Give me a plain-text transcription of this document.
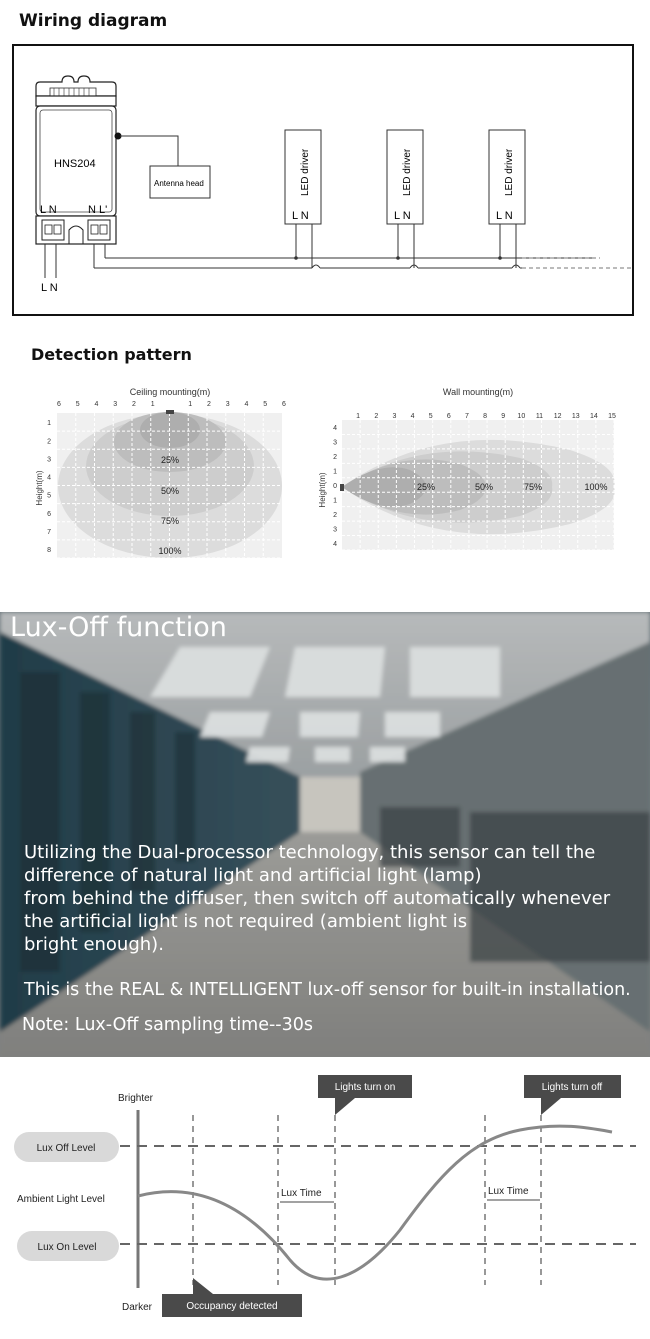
Wiring diagram
HNS204
L N	N L'
Antenna head
L N
LED driver
L N
LED driver
L N
LED driver
L N
Detection pattern
Ceiling mounting(m)
6 5 4 3 2 1	1 2 3 4 5 6
1
2
3
4
5
6
7
8
Height(m)
25%
50%
75%
100%
Wall mounting(m)
1 2 3 4 5 6 7 8 9 10 11 12 13 14 15
4
3
2
1
0
1
2
3
4
Height(m)	25%	50%	75%	100%
Lux-Off function
Utilizing the Dual-processor technology, this sensor can tell the
difference of natural light and artificial light (lamp)
from behind the diffuser, then switch off automatically whenever
the artificial light is not required (ambient light is
bright enough).
This is the REAL & INTELLIGENT lux-off sensor for built-in installation.
Note: Lux-Off sampling time--30s
Brighter
Darker
Ambient Light Level
Lux Off Level
Lux On Level
Lux Time	Lux Time
Lights turn on	Lights turn off
Occupancy detected
